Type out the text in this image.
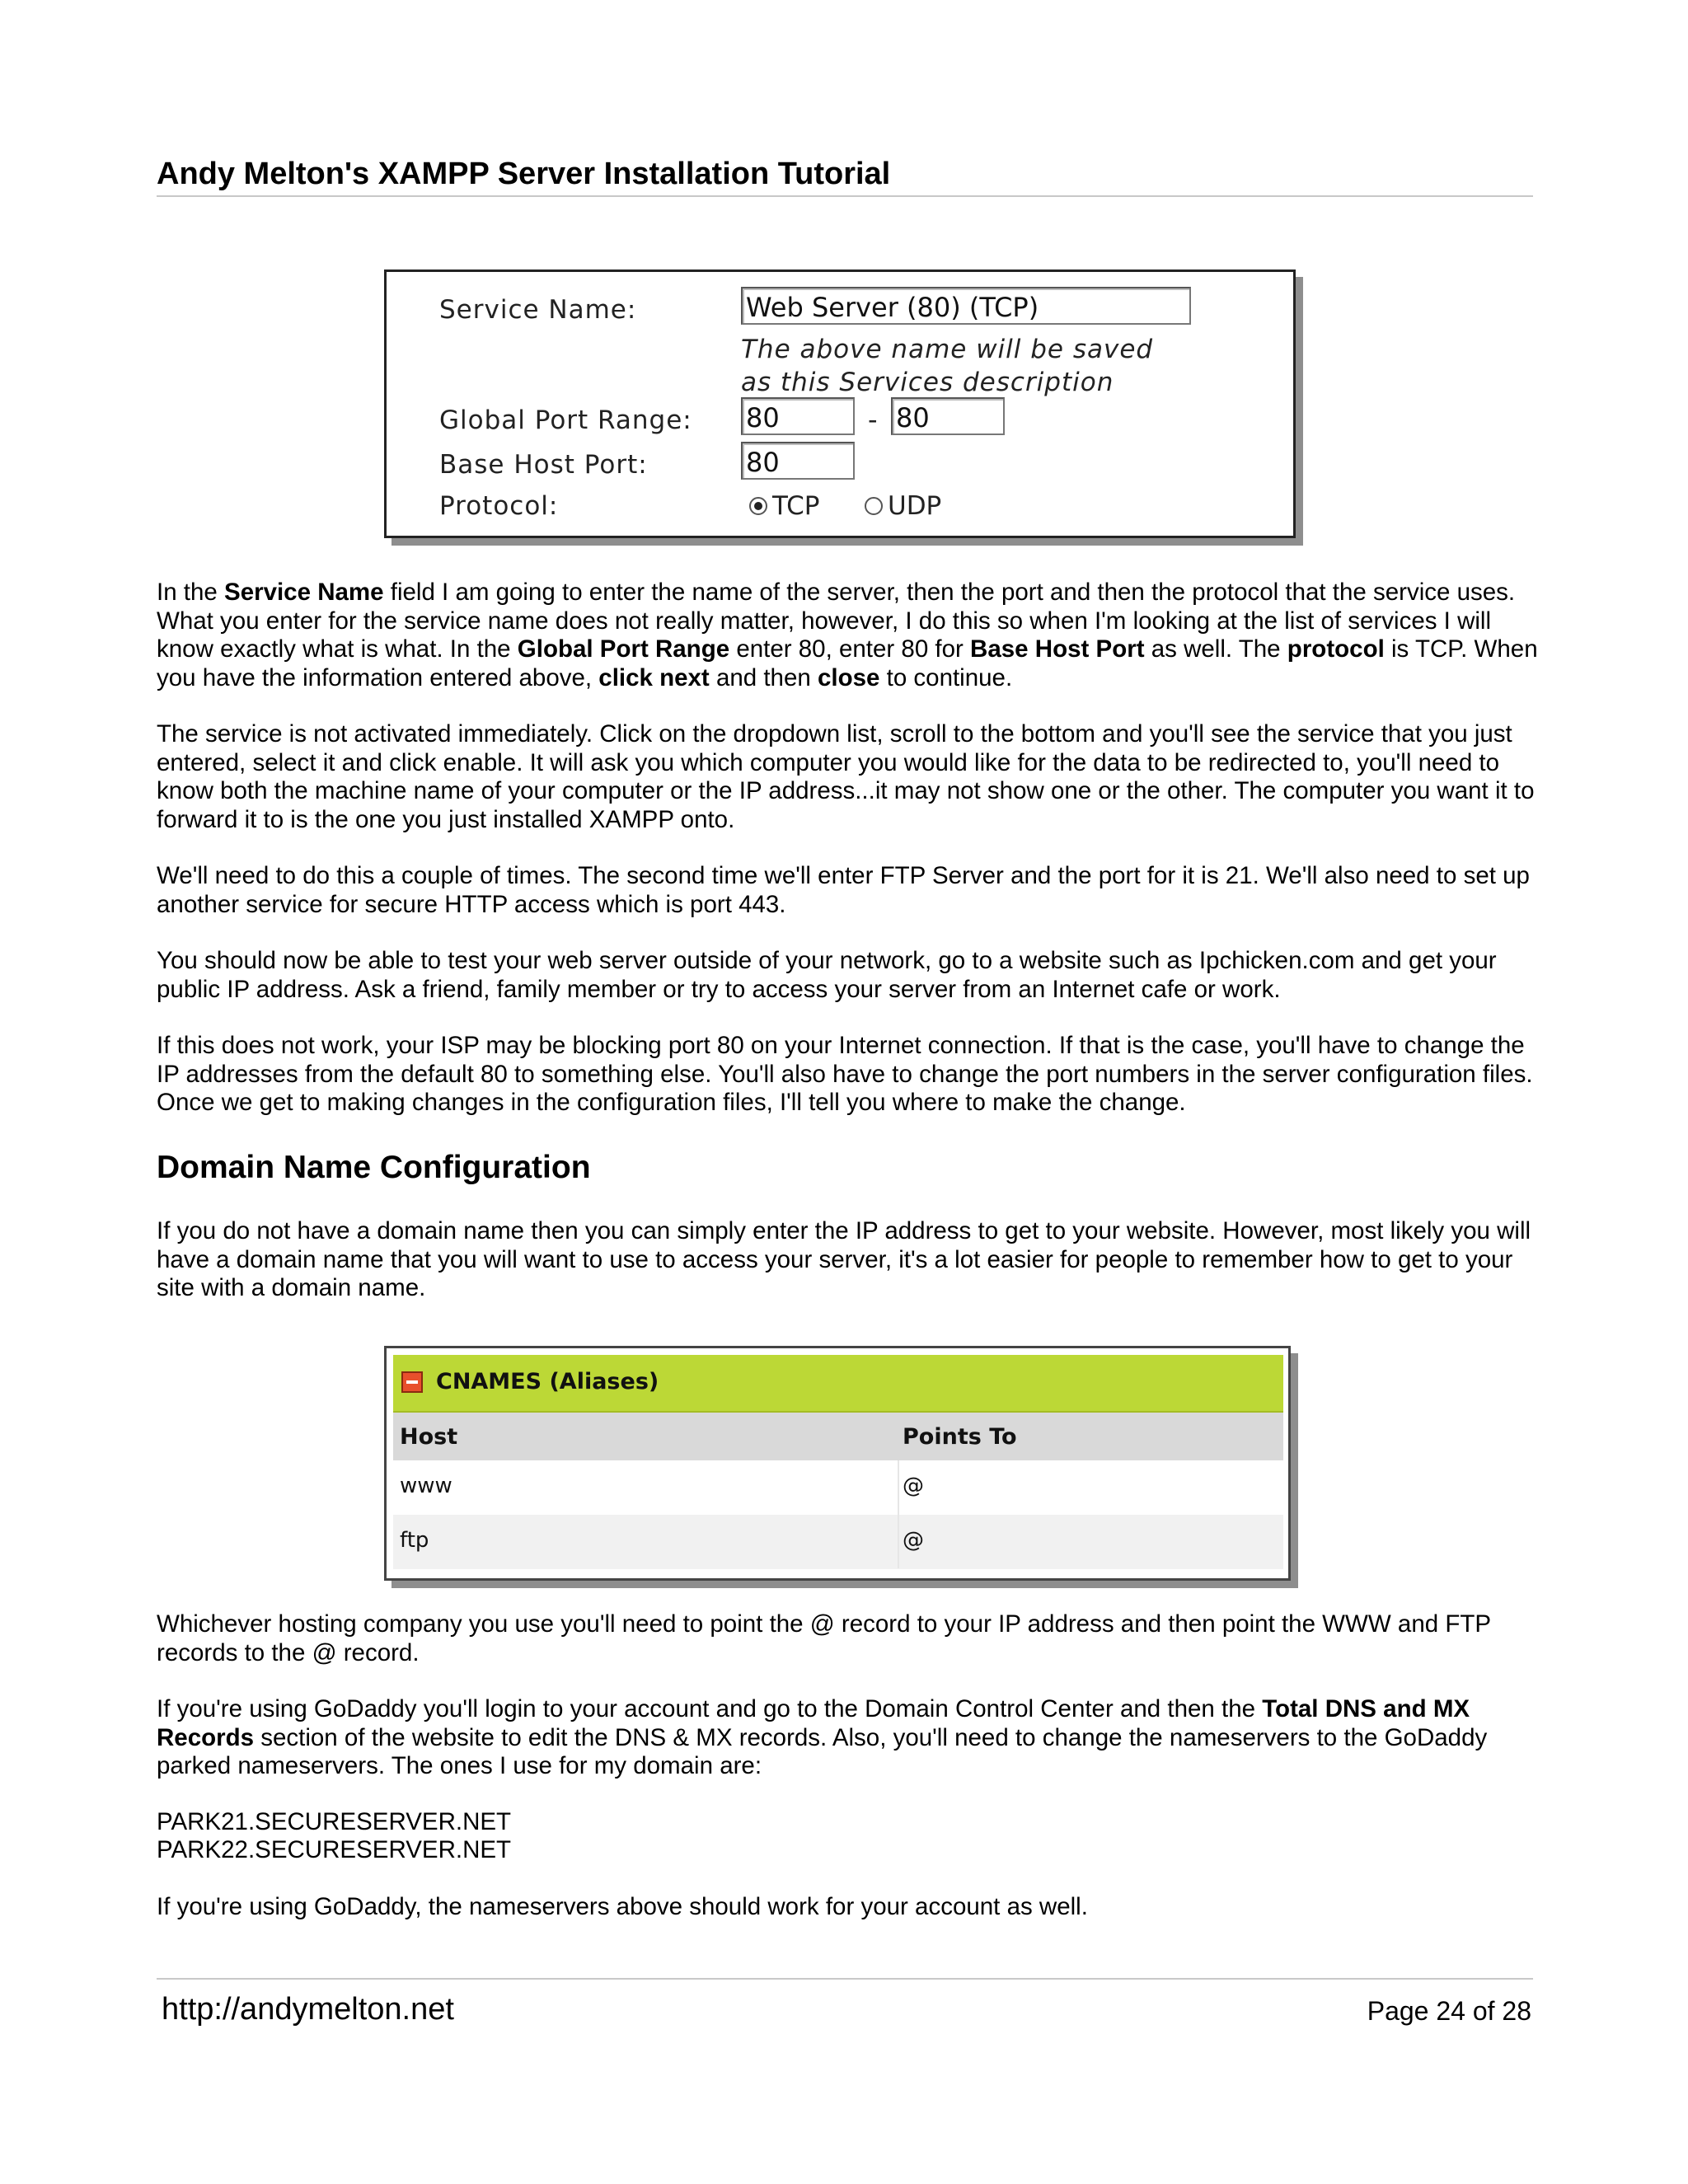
Andy Melton's XAMPP Server Installation Tutorial
Service Name:	Web Server (80) (TCP)
The above name will be saved
as this Services description
Global Port Range: 80	- 80
Base Host Port:	80
Protocol:	TCP	UDP

In the Service Name field I am going to enter the name of the server, then the port and then the protocol that the service uses. What you enter for the service name does not really matter, however, I do this so when I'm looking at the list of services I will know exactly what is what. In the Global Port Range enter 80, enter 80 for Base Host Port as well. The protocol is TCP. When you have the information entered above, click next and then close to continue.

The service is not activated immediately. Click on the dropdown list, scroll to the bottom and you'll see the service that you just entered, select it and click enable. It will ask you which computer you would like for the data to be redirected to, you'll need to know both the machine name of your computer or the IP address...it may not show one or the other. The computer you want it to forward it to is the one you just installed XAMPP onto.

We'll need to do this a couple of times. The second time we'll enter FTP Server and the port for it is 21. We'll also need to set up another service for secure HTTP access which is port 443.

You should now be able to test your web server outside of your network, go to a website such as Ipchicken.com and get your public IP address. Ask a friend, family member or try to access your server from an Internet cafe or work.

If this does not work, your ISP may be blocking port 80 on your Internet connection. If that is the case, you'll have to change the IP addresses from the default 80 to something else. You'll also have to change the port numbers in the server configuration files. Once we get to making changes in the configuration files, I'll tell you where to make the change.

Domain Name Configuration

If you do not have a domain name then you can simply enter the IP address to get to your website. However, most likely you will have a domain name that you will want to use to access your server, it's a lot easier for people to remember how to get to your site with a domain name.

CNAMES (Aliases)
Host	Points To
www	@
ftp	@

Whichever hosting company you use you'll need to point the @ record to your IP address and then point the WWW and FTP records to the @ record.

If you're using GoDaddy you'll login to your account and go to the Domain Control Center and then the Total DNS and MX Records section of the website to edit the DNS & MX records. Also, you'll need to change the nameservers to the GoDaddy parked nameservers. The ones I use for my domain are:

PARK21.SECURESERVER.NET

PARK22.SECURESERVER.NET

If you're using GoDaddy, the nameservers above should work for your account as well.

http://andymelton.net	Page 24 of 28
